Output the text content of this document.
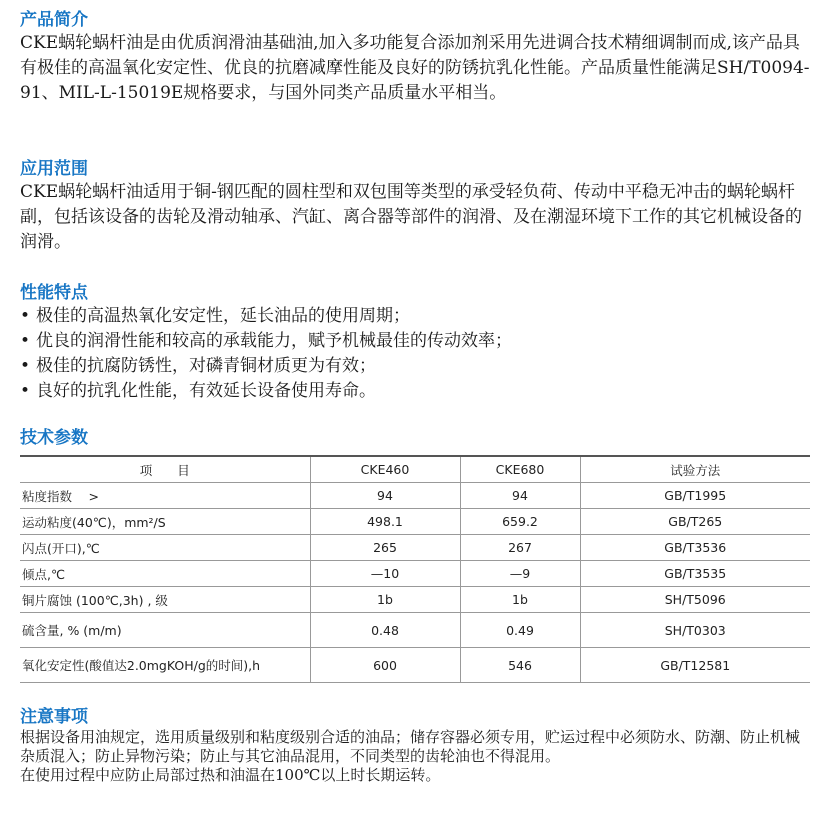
产品简介

CKE蜗轮蜗杆油是由优质润滑油基础油,加入多功能复合添加剂采用先进调合技术精细调制而成,该产品具有极佳的高温氧化安定性、优良的抗磨减摩性能及良好的防锈抗乳化性能。产品质量性能满足SH/T0094-91、MIL-L-15019E规格要求，与国外同类产品质量水平相当。

应用范围

CKE蜗轮蜗杆油适用于铜-钢匹配的圆柱型和双包围等类型的承受轻负荷、传动中平稳无冲击的蜗轮蜗杆副，包括该设备的齿轮及滑动轴承、汽缸、离合器等部件的润滑、及在潮湿环境下工作的其它机械设备的润滑。

性能特点
• 极佳的高温热氧化安定性，延长油品的使用周期；
• 优良的润滑性能和较高的承载能力，赋予机械最佳的传动效率；
• 极佳的抗腐防锈性，对磷青铜材质更为有效；
• 良好的抗乳化性能，有效延长设备使用寿命。
技术参数
项　　目	CKE460	CKE680	试验方法
粘度指数　 >	94	94	GB/T1995
运动粘度(40℃)，mm²/S	498.1	659.2	GB/T265
闪点(开口),℃	265	267	GB/T3536
倾点,℃	—10	—9	GB/T3535
铜片腐蚀 (100℃,3h) , 级	1b	1b	SH/T5096
硫含量, % (m/m)	0.48	0.49	SH/T0303
氧化安定性(酸值达2.0mgKOH/g的时间),h	600	546	GB/T12581
注意事项

根据设备用油规定，选用质量级别和粘度级别合适的油品；储存容器必须专用，贮运过程中必须防水、防潮、防止机械杂质混入；防止异物污染；防止与其它油品混用，不同类型的齿轮油也不得混用。

在使用过程中应防止局部过热和油温在100℃以上时长期运转。
